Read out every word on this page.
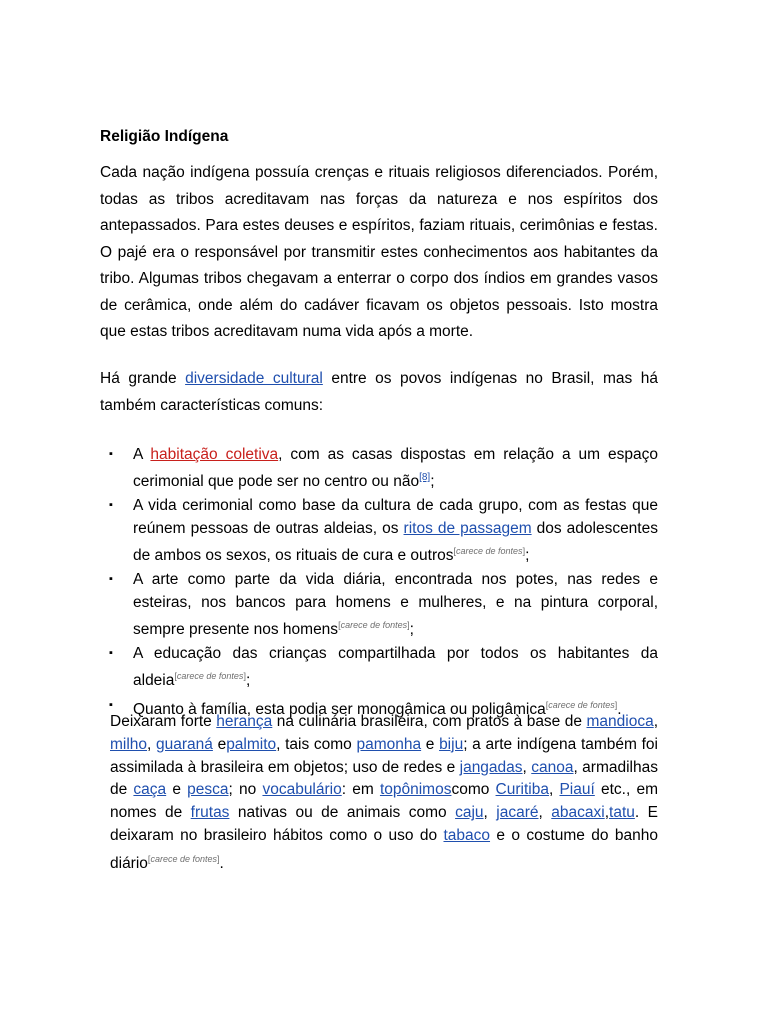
Religião Indígena
Cada nação indígena possuía crenças e rituais religiosos diferenciados. Porém, todas as tribos acreditavam nas forças da natureza e nos espíritos dos antepassados. Para estes deuses e espíritos, faziam rituais, cerimônias e festas. O pajé era o responsável por transmitir estes conhecimentos aos habitantes da tribo. Algumas tribos chegavam a enterrar o corpo dos índios em grandes vasos de cerâmica, onde além do cadáver ficavam os objetos pessoais. Isto mostra que estas tribos acreditavam numa vida após a morte.
Há grande diversidade cultural entre os povos indígenas no Brasil, mas há também características comuns:
▪ A habitação coletiva, com as casas dispostas em relação a um espaço cerimonial que pode ser no centro ou não[8];
▪ A vida cerimonial como base da cultura de cada grupo, com as festas que reúnem pessoas de outras aldeias, os ritos de passagem dos adolescentes de ambos os sexos, os rituais de cura e outros[carece de fontes];
▪ A arte como parte da vida diária, encontrada nos potes, nas redes e esteiras, nos bancos para homens e mulheres, e na pintura corporal, sempre presente nos homens[carece de fontes];
▪ A educação das crianças compartilhada por todos os habitantes da aldeia[carece de fontes];
▪ Quanto à família, esta podia ser monogâmica ou poligâmica[carece de fontes].
Deixaram forte herança na culinária brasileira, com pratos à base de mandioca, milho, guaraná epalmito, tais como pamonha e biju; a arte indígena também foi assimilada à brasileira em objetos; uso de redes e jangadas, canoa, armadilhas de caça e pesca; no vocabulário: em topônimoscomo Curitiba, Piauí etc., em nomes de frutas nativas ou de animais como caju, jacaré, abacaxi,tatu. E deixaram no brasileiro hábitos como o uso do tabaco e o costume do banho diário[carece de fontes].
